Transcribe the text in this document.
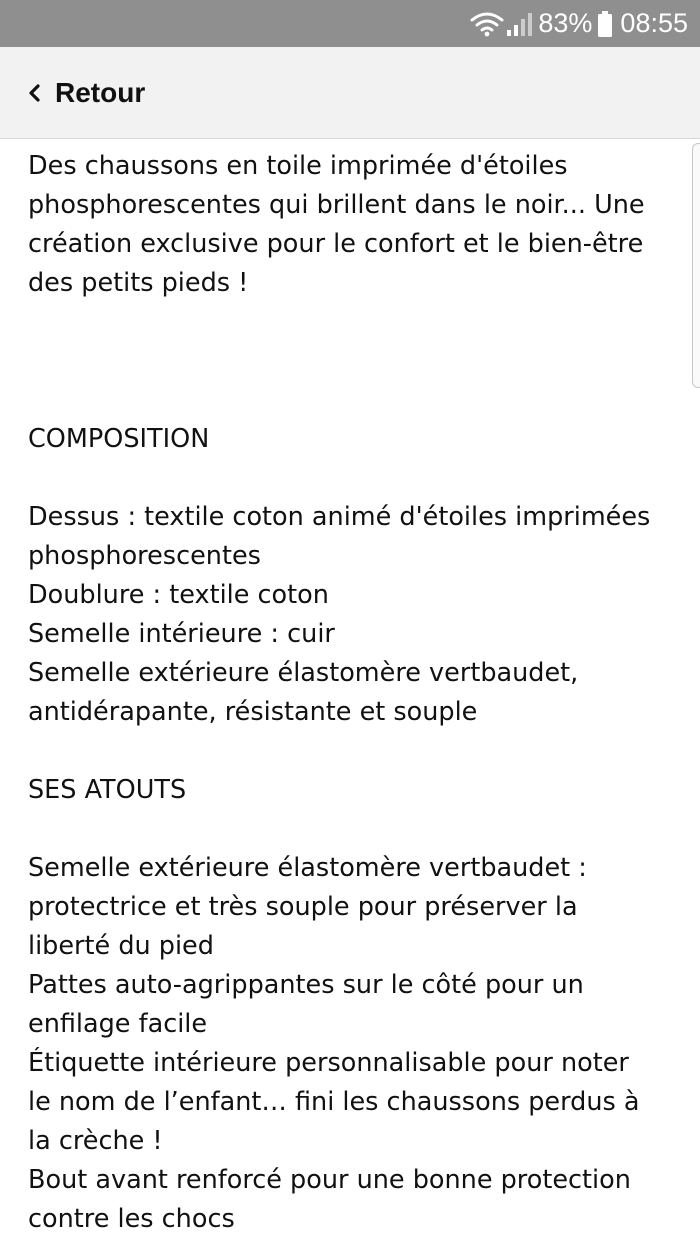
83% 08:55
Retour

Des chaussons en toile imprimée d'étoiles
phosphorescentes qui brillent dans le noir... Une
création exclusive pour le confort et le bien-être
des petits pieds !

COMPOSITION

Dessus : textile coton animé d'étoiles imprimées
phosphorescentes
Doublure : textile coton
Semelle intérieure : cuir
Semelle extérieure élastomère vertbaudet,
antidérapante, résistante et souple

SES ATOUTS

Semelle extérieure élastomère vertbaudet :
protectrice et très souple pour préserver la
liberté du pied
Pattes auto-agrippantes sur le côté pour un
enfilage facile
Étiquette intérieure personnalisable pour noter
le nom de l’enfant… fini les chaussons perdus à
la crèche !
Bout avant renforcé pour une bonne protection
contre les chocs
